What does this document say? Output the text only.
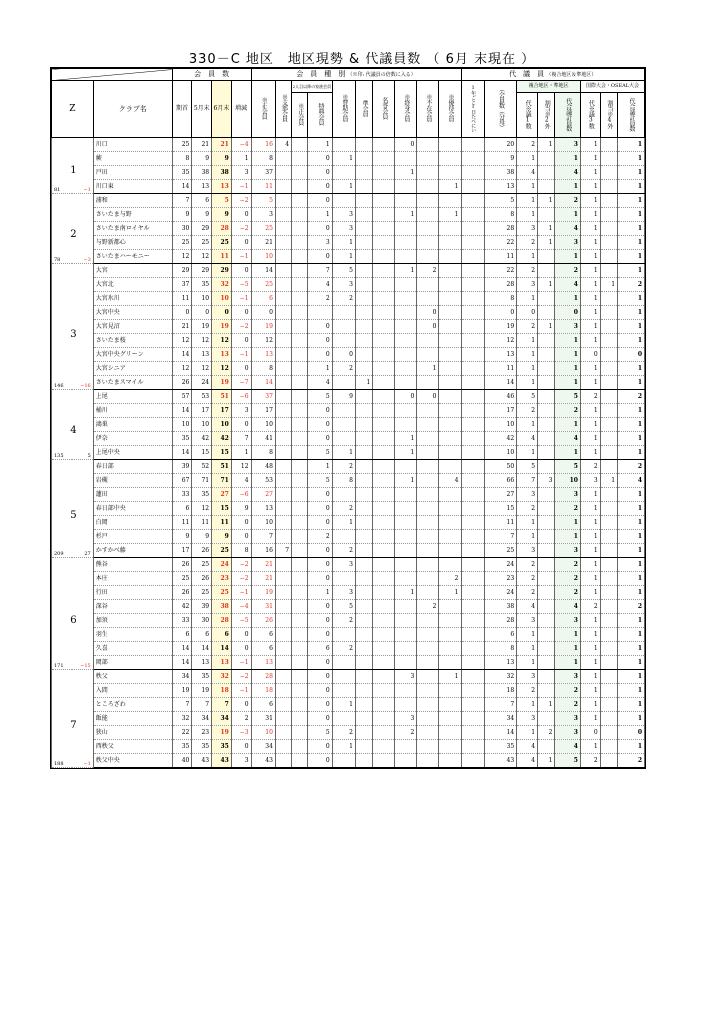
330－C 地区　地区現勢 & 代議員数 （ 6月 末現在 ）
		会　員　数				会　員　種　別 （※印: 代議員の倍数に入る）										代　議　員 （複合地区＆準地区）							
Z	クラブ名	期首	5月末	6月末	増減	※正会員	※支部会員	2人目以降の家族会員		※賛助会員	準会員	名誉会員	※終身会員	※不在会員	※優待会員	1年ごと1日たべにい	（会員数（分母）	複合地区・準地区			国際大会・OSEAL大会		
								※正会員	特典会員									代※議1数	割当※2外	代合議計員数	代※議3数	割当※4外	代合議計員数

1
81 −1	川口	25	21	21	−4	16	4		1				0				20	2	1	3	1		1
	蕨	8	9	9	1	8			0	1							9	1		1	1		1
	戸田	35	38	38	3	37			0				1				38	4		4	1		1
	川口東	14	13	13	−1	11			0	1					1		13	1		1	1		1

2
78 −3	浦和	7	6	5	−2	5			0								5	1	1	2	1		1
	さいたま与野	9	9	9	0	3			1	3			1		1		8	1		1	1		1
	さいたま南ロイヤル	30	29	28	−2	25			0	3							28	3	1	4	1		1
	与野新都心	25	25	25	0	21			3	1							22	2	1	3	1		1
	さいたまハーモニー	12	12	11	−1	10			0	1							11	1		1	1		1

3
146 −16	大宮	29	29	29	0	14			7	5			1	2			22	2		2	1		1
	大宮北	37	35	32	−5	25			4	3							28	3	1	4	1	1	2
	大宮氷川	11	10	10	−1	6			2	2							8	1		1	1		1
	大宮中央	0	0	0	0	0								0			0	0		0	1		1
	大宮見沼	21	19	19	−2	19			0					0			19	2	1	3	1		1
	さいたま桜	12	12	12	0	12			0								12	1		1	1		1
	大宮中央グリーン	14	13	13	−1	13			0	0							13	1		1	0		0
	大宮シニア	12	12	12	0	8			1	2				1			11	1		1	1		1
	さいたまスマイル	26	24	19	−7	14			4		1						14	1		1	1		1

4
135 5	上尾	57	53	51	−6	37			5	9			0	0			46	5		5	2		2
	桶川	14	17	17	3	17			0								17	2		2	1		1
	鴻巣	10	10	10	0	10			0								10	1		1	1		1
	伊奈	35	42	42	7	41			0				1				42	4		4	1		1
	上尾中央	14	15	15	1	8			5	1			1				10	1		1	1		1

5
209 27	春日部	39	52	51	12	48			1	2							50	5		5	2		2
	岩槻	67	71	71	4	53			5	8			1		4		66	7	3	10	3	1	4
	蓮田	33	35	27	−6	27			0								27	3		3	1		1
	春日部中央	6	12	15	9	13			0	2							15	2		2	1		1
	白岡	11	11	11	0	10			0	1							11	1		1	1		1
	杉戸	9	9	9	0	7			2								7	1		1	1		1
	かすかべ藤	17	26	25	8	16	7		0	2							25	3		3	1		1

6
171 −15	熊谷	26	25	24	−2	21			0	3							24	2		2	1		1
	本庄	25	26	23	−2	21			0						2		23	2		2	1		1
	行田	26	25	25	−1	19			1	3			1		1		24	2		2	1		1
	深谷	42	39	38	−4	31			0	5				2			38	4		4	2		2
	加須	33	30	28	−5	26			0	2							28	3		3	1		1
	羽生	6	6	6	0	6			0								6	1		1	1		1
	久喜	14	14	14	0	6			6	2							8	1		1	1		1
	岡部	14	13	13	−1	13			0								13	1		1	1		1

7
188 −1	秩父	34	35	32	−2	28			0				3		1		32	3		3	1		1
	入間	19	19	18	−1	18			0								18	2		2	1		1
	ところざわ	7	7	7	0	6			0	1							7	1	1	2	1		1
	飯能	32	34	34	2	31			0				3				34	3		3	1		1
	狭山	22	23	19	−3	10			5	2			2				14	1	2	3	0		0
	西秩父	35	35	35	0	34			0	1							35	4		4	1		1
	秩父中央	40	43	43	3	43			0								43	4	1	5	2		2
